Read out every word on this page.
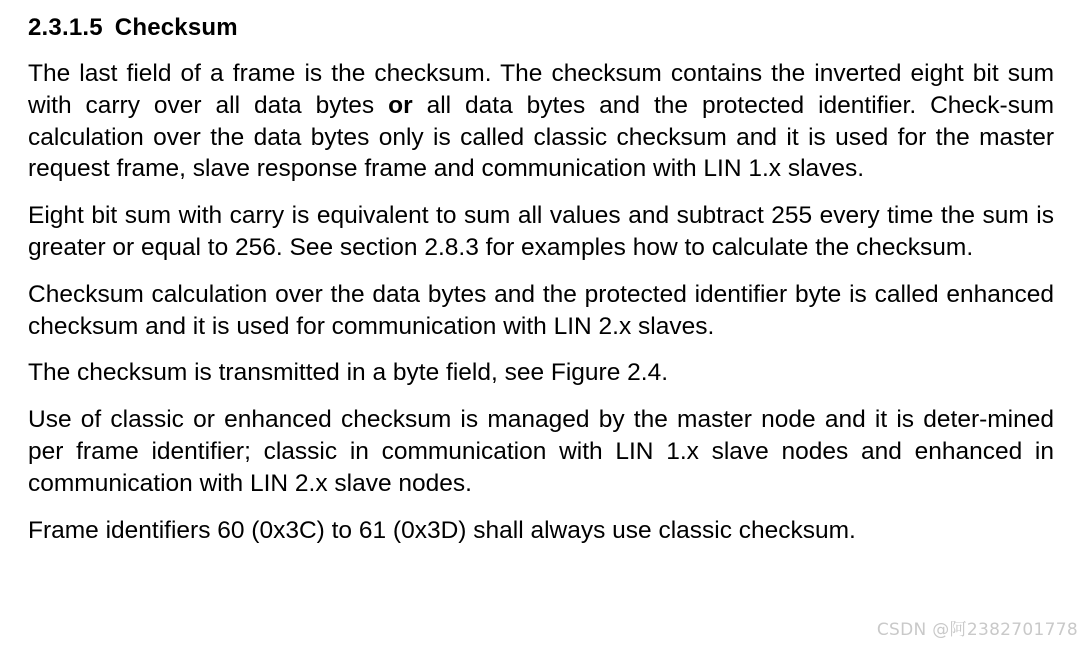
2.3.1.5 Checksum

The last field of a frame is the checksum. The checksum contains the inverted eight bit sum with carry over all data bytes or all data bytes and the protected identifier. Check-sum calculation over the data bytes only is called classic checksum and it is used for the master request frame, slave response frame and communication with LIN 1.x slaves.

Eight bit sum with carry is equivalent to sum all values and subtract 255 every time the sum is greater or equal to 256. See section 2.8.3 for examples how to calculate the checksum.

Checksum calculation over the data bytes and the protected identifier byte is called enhanced checksum and it is used for communication with LIN 2.x slaves.

The checksum is transmitted in a byte field, see Figure 2.4.

Use of classic or enhanced checksum is managed by the master node and it is deter-mined per frame identifier; classic in communication with LIN 1.x slave nodes and enhanced in communication with LIN 2.x slave nodes.

Frame identifiers 60 (0x3C) to 61 (0x3D) shall always use classic checksum.

CSDN @阿2382701778
